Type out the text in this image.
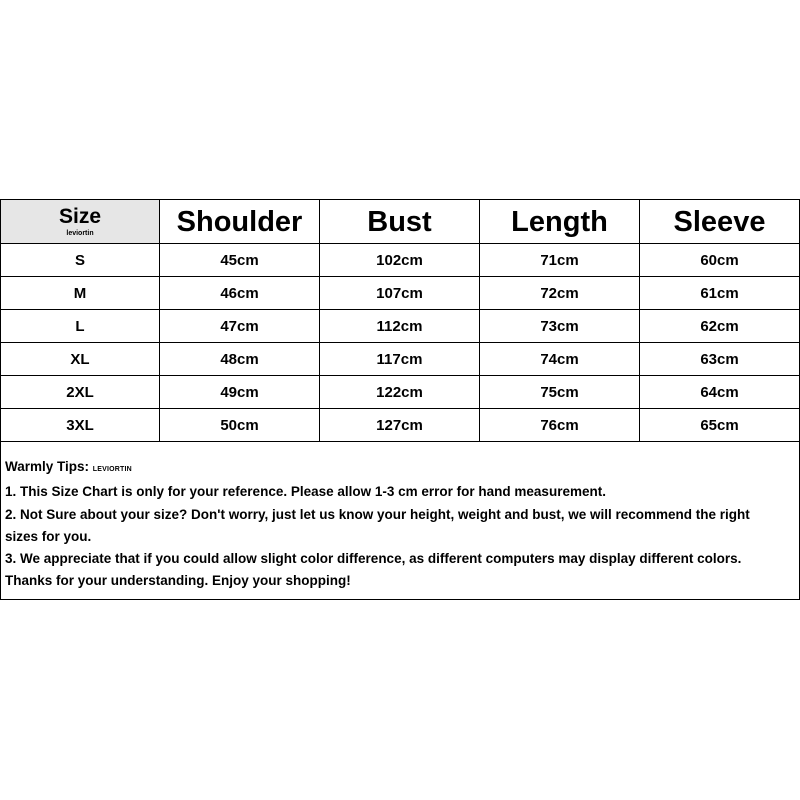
Size
leviortin	Shoulder	Bust	Length	Sleeve
S	45cm	102cm	71cm	60cm
M	46cm	107cm	72cm	61cm
L	47cm	112cm	73cm	62cm
XL	48cm	117cm	74cm	63cm
2XL	49cm	122cm	75cm	64cm
3XL	50cm	127cm	76cm	65cm
Warmly Tips: LEVIORTIN
1. This Size Chart is only for your reference. Please allow 1-3 cm error for hand measurement.
2. Not Sure about your size? Don't worry, just let us know your height, weight and bust, we will recommend the right
sizes for you.
3. We appreciate that if you could allow slight color difference, as different computers may display different colors.
Thanks for your understanding. Enjoy your shopping!
